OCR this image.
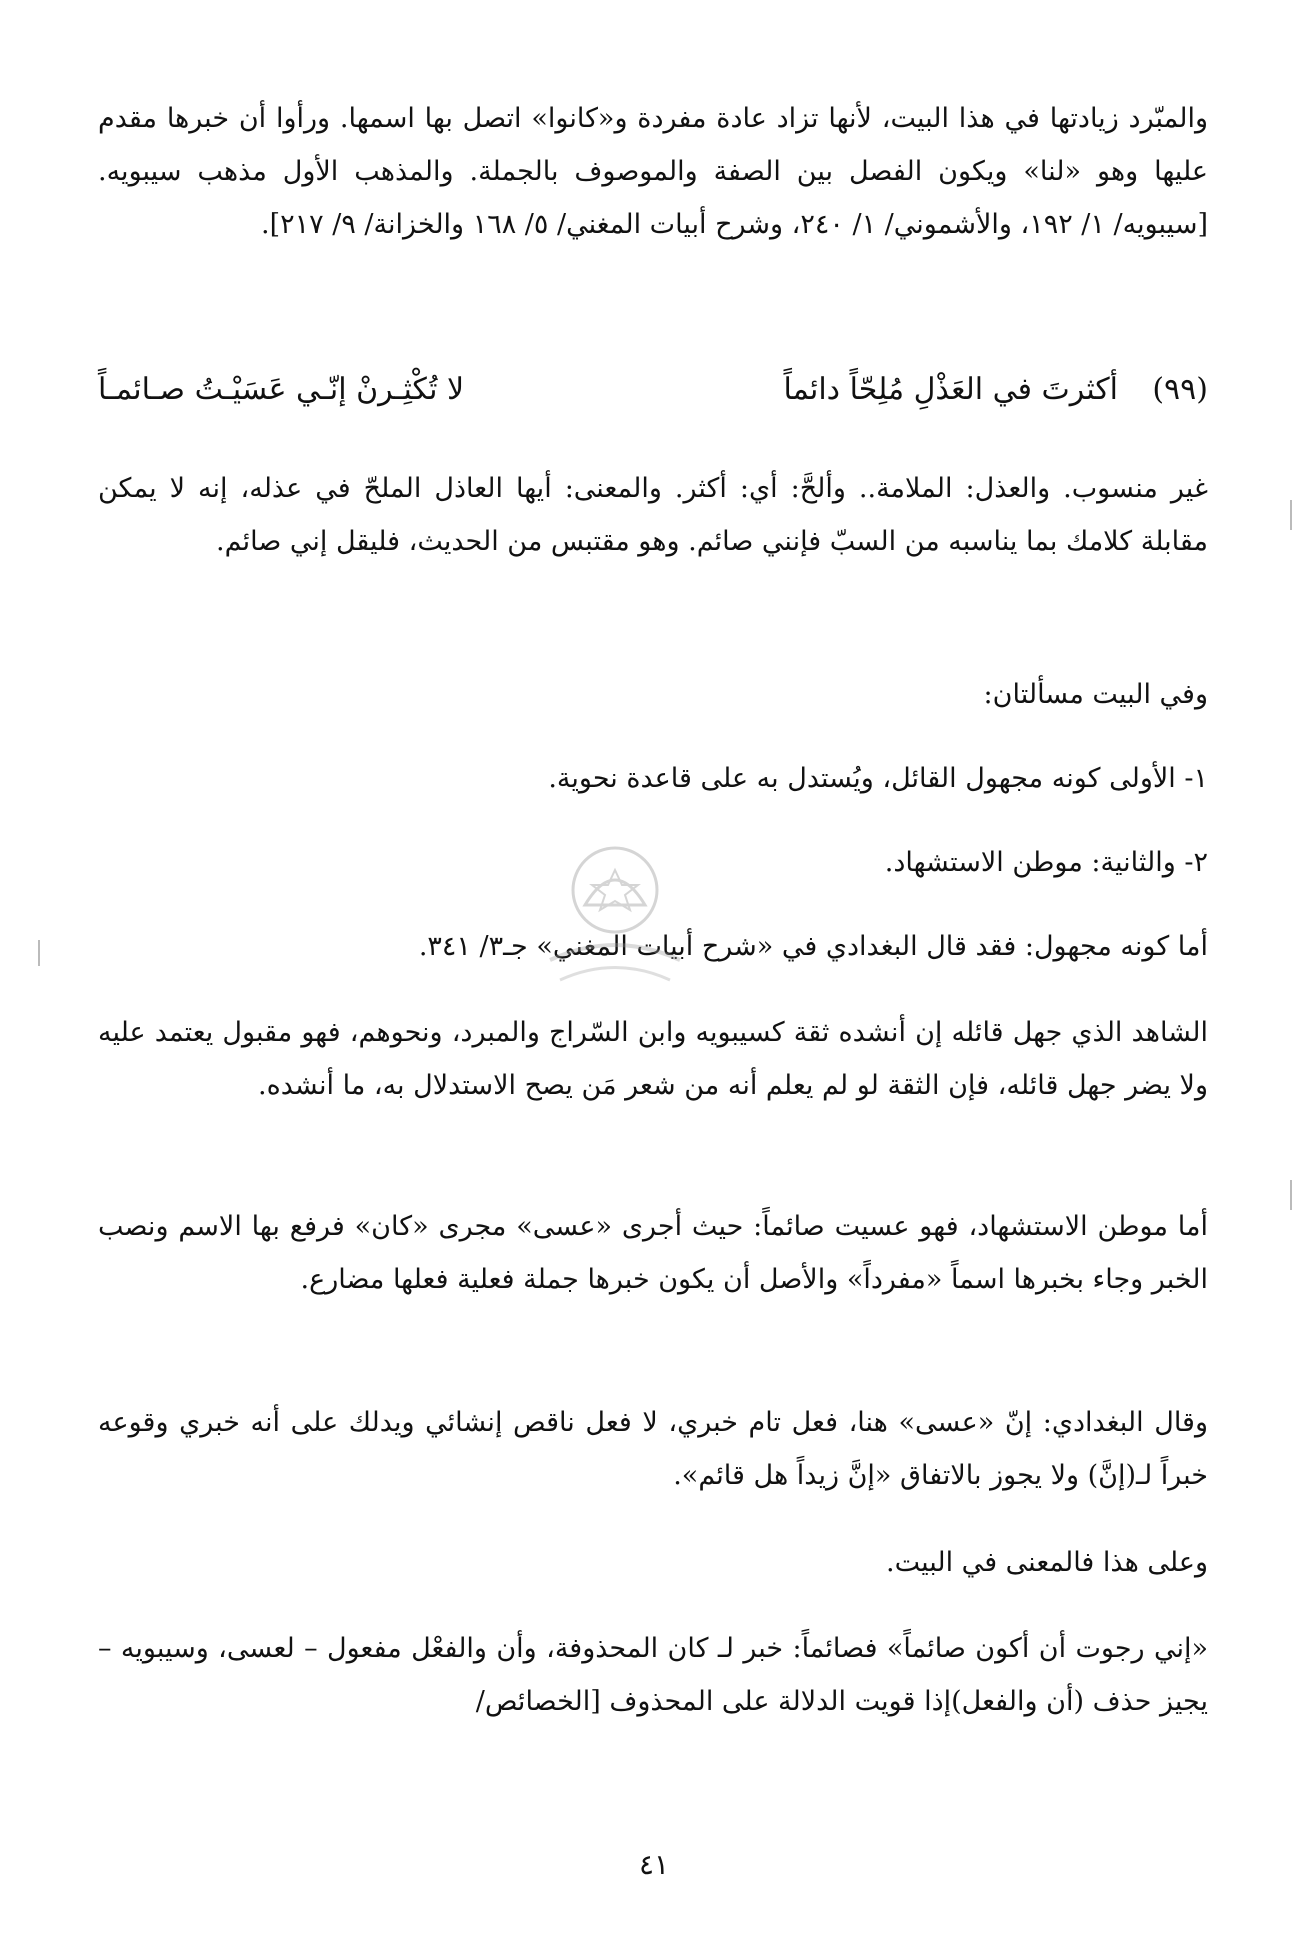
والمبّرد زيادتها في هذا البيت، لأنها تزاد عادة مفردة و«كانوا» اتصل بها اسمها. ورأوا أن خبرها مقدم عليها وهو «لنا» ويكون الفصل بين الصفة والموصوف بالجملة. والمذهب الأول مذهب سيبويه. [سيبويه/ ١/ ١٩٢، والأشموني/ ١/ ٢٤٠، وشرح أبيات المغني/ ٥/ ١٦٨ والخزانة/ ٩/ ٢١٧].

(٩٩)
أكثرتَ في العَذْلِ مُلِحّاً دائماً
لا تُكْثِـرنْ إنّـي عَسَيْـتُ صـائمـاً

غير منسوب. والعذل: الملامة.. وألحَّ: أي: أكثر. والمعنى: أيها العاذل الملحّ في عذله، إنه لا يمكن مقابلة كلامك بما يناسبه من السبّ فإنني صائم. وهو مقتبس من الحديث، فليقل إني صائم.

وفي البيت مسألتان:

١- الأولى كونه مجهول القائل، ويُستدل به على قاعدة نحوية.

٢- والثانية: موطن الاستشهاد.

أما كونه مجهول: فقد قال البغدادي في «شرح أبيات المغني» جـ٣/ ٣٤١.

الشاهد الذي جهل قائله إن أنشده ثقة كسيبويه وابن السّراج والمبرد، ونحوهم، فهو مقبول يعتمد عليه ولا يضر جهل قائله، فإن الثقة لو لم يعلم أنه من شعر مَن يصح الاستدلال به، ما أنشده.

أما موطن الاستشهاد، فهو عسيت صائماً: حيث أجرى «عسى» مجرى «كان» فرفع بها الاسم ونصب الخبر وجاء بخبرها اسماً «مفرداً» والأصل أن يكون خبرها جملة فعلية فعلها مضارع.

وقال البغدادي: إنّ «عسى» هنا، فعل تام خبري، لا فعل ناقص إنشائي ويدلك على أنه خبري وقوعه خبراً لـ(إنَّ) ولا يجوز بالاتفاق «إنَّ زيداً هل قائم».

وعلى هذا فالمعنى في البيت.

«إني رجوت أن أكون صائماً» فصائماً: خبر لـ كان المحذوفة، وأن والفعْل مفعول – لعسى، وسيبويه – يجيز حذف (أن والفعل)إذا قويت الدلالة على المحذوف [الخصائص/

٤١
